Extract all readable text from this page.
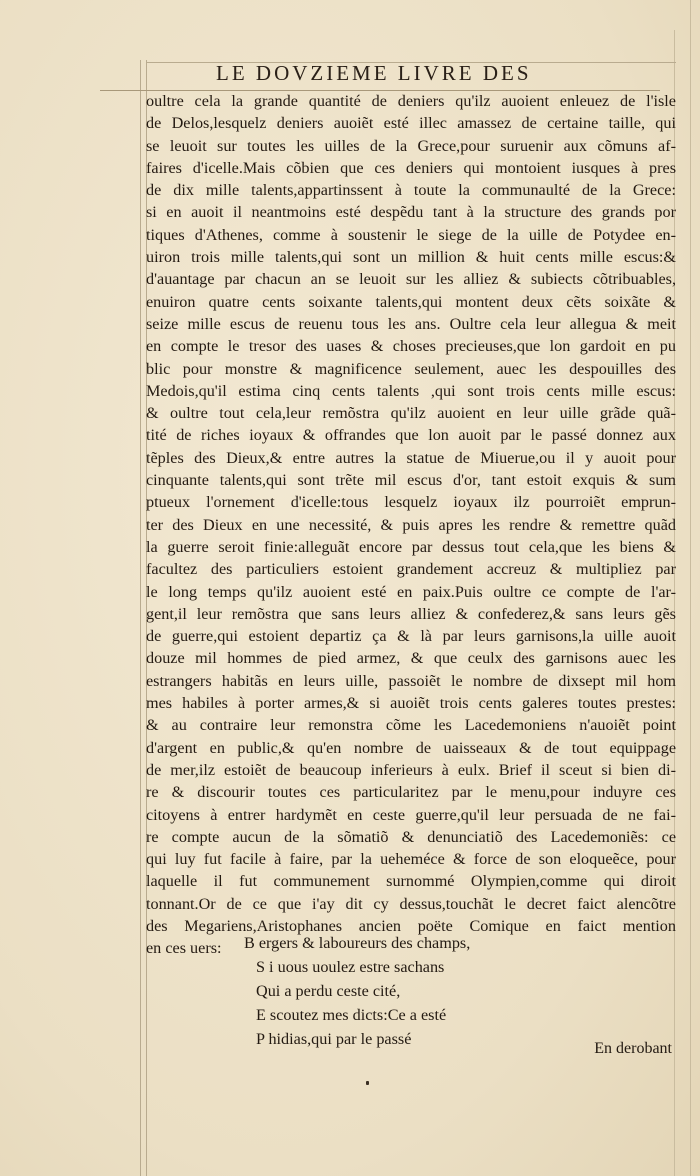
LE DOVZIEME LIVRE DES
oultre cela la grande quantité de deniers qu'ilz auoient enleuez de l'isle
de Delos,lesquelz deniers auoiẽt esté illec amassez de certaine taille, qui
se leuoit sur toutes les uilles de la Grece,pour suruenir aux cõmuns af-
faires d'icelle.Mais cõbien que ces deniers qui montoient iusques à pres
de dix mille talents,appartinssent à toute la communaulté de la Grece:
si en auoit il neantmoins esté despẽdu tant à la structure des grands por
tiques d'Athenes, comme à soustenir le siege de la uille de Potydee en-
uiron trois mille talents,qui sont un million & huit cents mille escus:&
d'auantage par chacun an se leuoit sur les alliez & subiects cõtribuables,
enuiron quatre cents soixante talents,qui montent deux cẽts soixãte &
seize mille escus de reuenu tous les ans. Oultre cela leur allegua & meit
en compte le tresor des uases & choses precieuses,que lon gardoit en pu
blic pour monstre & magnificence seulement, auec les despouilles des
Medois,qu'il estima cinq cents talents ,qui sont trois cents mille escus:
& oultre tout cela,leur remõstra qu'ilz auoient en leur uille grãde quã-
tité de riches ioyaux & offrandes que lon auoit par le passé donnez aux
tẽples des Dieux,& entre autres la statue de Miuerue,ou il y auoit pour
cinquante talents,qui sont trẽte mil escus d'or, tant estoit exquis & sum
ptueux l'ornement d'icelle:tous lesquelz ioyaux ilz pourroiẽt emprun-
ter des Dieux en une necessité, & puis apres les rendre & remettre quãd
la guerre seroit finie:alleguãt encore par dessus tout cela,que les biens &
facultez des particuliers estoient grandement accreuz & multipliez par
le long temps qu'ilz auoient esté en paix.Puis oultre ce compte de l'ar-
gent,il leur remõstra que sans leurs alliez & confederez,& sans leurs gẽs
de guerre,qui estoient departiz ça & là par leurs garnisons,la uille auoit
douze mil hommes de pied armez, & que ceulx des garnisons auec les
estrangers habitãs en leurs uille, passoiẽt le nombre de dixsept mil hom
mes habiles à porter armes,& si auoiẽt trois cents galeres toutes prestes:
& au contraire leur remonstra cõme les Lacedemoniens n'auoiẽt point
d'argent en public,& qu'en nombre de uaisseaux & de tout equippage
de mer,ilz estoiẽt de beaucoup inferieurs à eulx. Brief il sceut si bien di-
re & discourir toutes ces particularitez par le menu,pour induyre ces
citoyens à entrer hardymẽt en ceste guerre,qu'il leur persuada de ne fai-
re compte aucun de la sõmatiõ & denunciatiõ des Lacedemoniẽs: ce
qui luy fut facile à faire, par la ueheméce & force de son eloqueẽce, pour
laquelle il fut communement surnommé Olympien,comme qui diroit
tonnant.Or de ce que i'ay dit cy dessus,touchãt le decret faict alencõtre
des Megariens,Aristophanes ancien poëte Comique en faict mention
en ces uers:	B ergers & laboureurs des champs,
S i uous uoulez estre sachans
Qui a perdu ceste cité,
E scoutez mes dicts:Ce a esté
P hidias,qui par le passé
En derobant
